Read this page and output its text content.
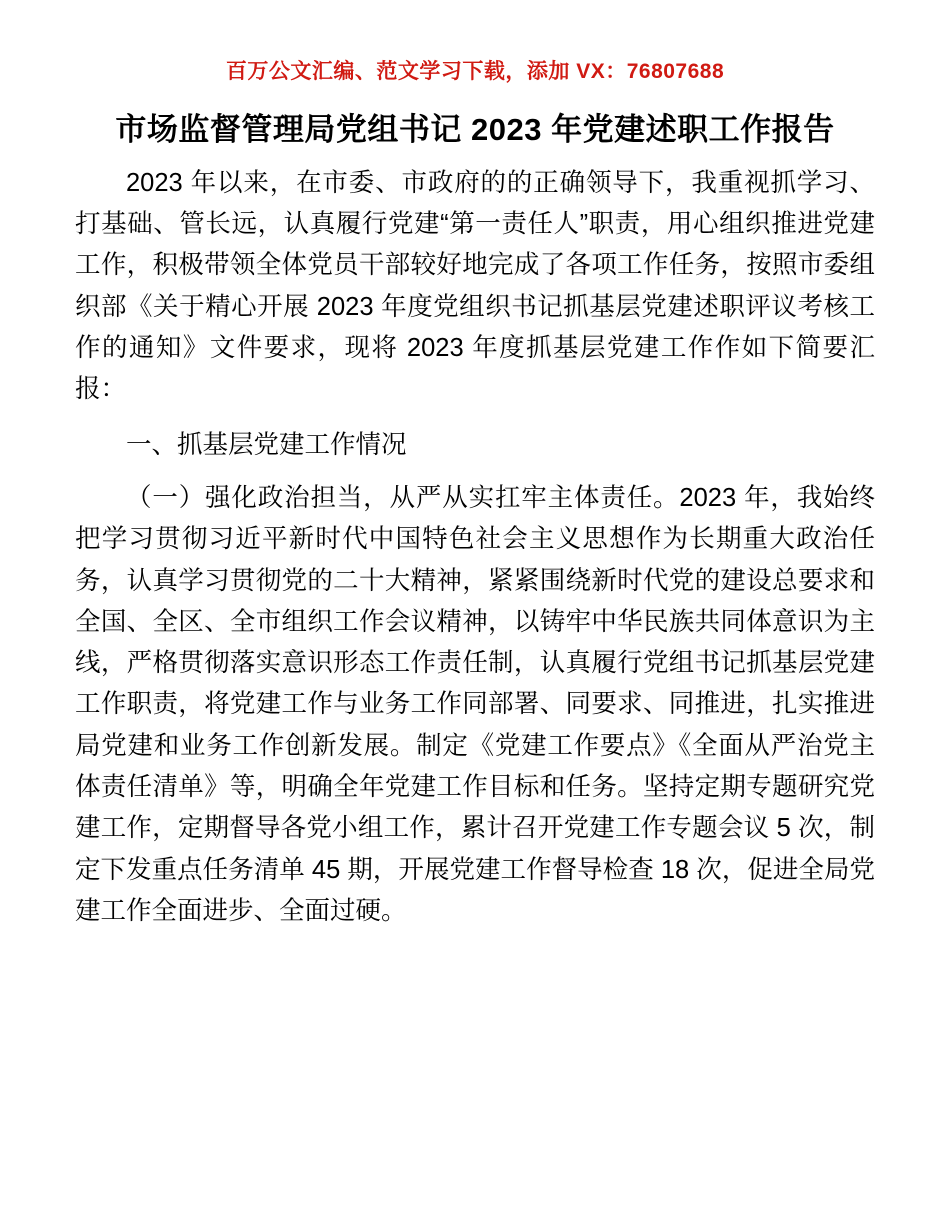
百万公文汇编、范文学习下载，添加 VX：76807688
市场监督管理局党组书记 2023 年党建述职工作报告

2023 年以来，在市委、市政府的的正确领导下，我重视抓学习、打基础、管长远，认真履行党建“第一责任人”职责，用心组织推进党建工作，积极带领全体党员干部较好地完成了各项工作任务，按照市委组织部《关于精心开展 2023 年度党组织书记抓基层党建述职评议考核工作的通知》文件要求，现将 2023 年度抓基层党建工作作如下简要汇报：

一、抓基层党建工作情况

（一）强化政治担当，从严从实扛牢主体责任。2023 年，我始终把学习贯彻习近平新时代中国特色社会主义思想作为长期重大政治任务，认真学习贯彻党的二十大精神，紧紧围绕新时代党的建设总要求和全国、全区、全市组织工作会议精神，以铸牢中华民族共同体意识为主线，严格贯彻落实意识形态工作责任制，认真履行党组书记抓基层党建工作职责，将党建工作与业务工作同部署、同要求、同推进，扎实推进局党建和业务工作创新发展。制定《党建工作要点》《全面从严治党主体责任清单》等，明确全年党建工作目标和任务。坚持定期专题研究党建工作，定期督导各党小组工作，累计召开党建工作专题会议 5 次，制定下发重点任务清单 45 期，开展党建工作督导检查 18 次，促进全局党建工作全面进步、全面过硬。
